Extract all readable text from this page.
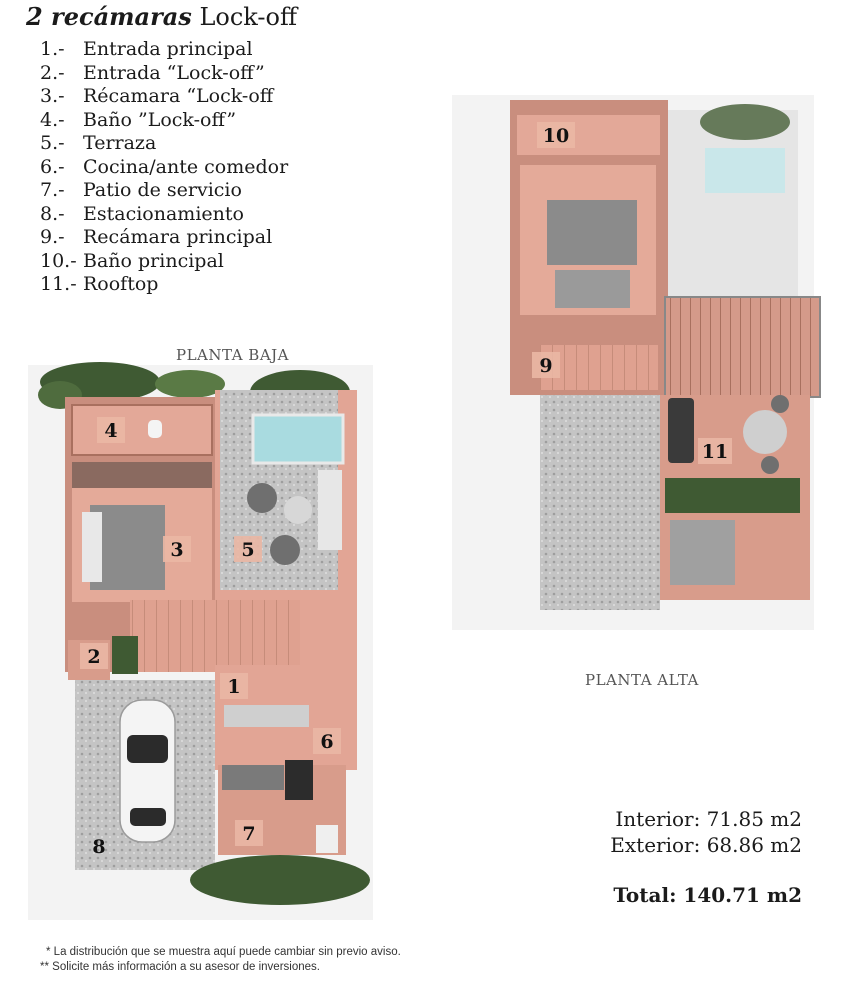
2 recámaras Lock-off
1.- Entrada principal
2.- Entrada “Lock-off”
3.- Récamara “Lock-off
4.- Baño ”Lock-off”
5.- Terraza
6.- Cocina/ante comedor
7.- Patio de servicio
8.- Estacionamiento
9.- Recámara principal
10.- Baño principal
11.- Rooftop
PLANTA BAJA
PLANTA ALTA
4
3	5
2
1
6
7
8
10
9
11
Interior: 71.85 m2
Exterior: 68.86 m2
Total: 140.71 m2
* La distribución que se muestra aquí puede cambiar sin previo aviso.
** Solicite más información a su asesor de inversiones.
